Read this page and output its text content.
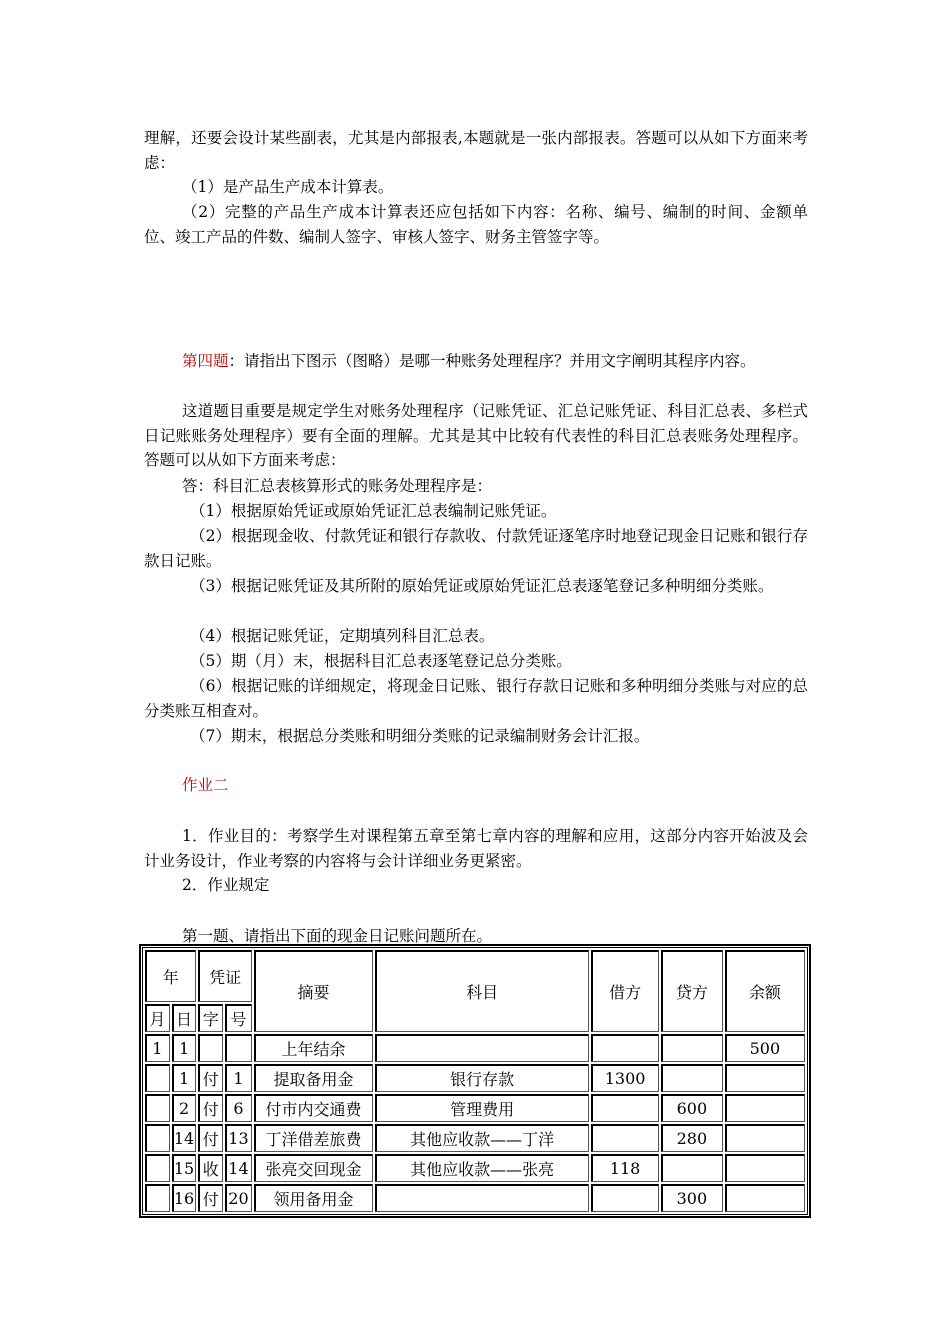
理解，还要会设计某些副表，尤其是内部报表,本题就是一张内部报表。答题可以从如下方面来考虑：

（1）是产品生产成本计算表。

（2）完整的产品生产成本计算表还应包括如下内容：名称、编号、编制的时间、金额单位、竣工产品的件数、编制人签字、审核人签字、财务主管签字等。

第四题：请指出下图示（图略）是哪一种账务处理程序？并用文字阐明其程序内容。

这道题目重要是规定学生对账务处理程序（记账凭证、汇总记账凭证、科目汇总表、多栏式日记账账务处理程序）要有全面的理解。尤其是其中比较有代表性的科目汇总表账务处理程序。答题可以从如下方面来考虑：

答：科目汇总表核算形式的账务处理程序是：

（1）根据原始凭证或原始凭证汇总表编制记账凭证。

（2）根据现金收、付款凭证和银行存款收、付款凭证逐笔序时地登记现金日记账和银行存款日记账。

（3）根据记账凭证及其所附的原始凭证或原始凭证汇总表逐笔登记多种明细分类账。

（4）根据记账凭证，定期填列科目汇总表。

（5）期（月）末，根据科目汇总表逐笔登记总分类账。

（6）根据记账的详细规定，将现金日记账、银行存款日记账和多种明细分类账与对应的总分类账互相查对。

（7）期末，根据总分类账和明细分类账的记录编制财务会计汇报。

作业二

1．作业目的：考察学生对课程第五章至第七章内容的理解和应用，这部分内容开始波及会计业务设计，作业考察的内容将与会计详细业务更紧密。

2．作业规定

第一题、请指出下面的现金日记账问题所在。

年		凭证		摘要	科目	借方	贷方	余额
月	日	字	号					
1	1			上年结余				500
	1	付	1	提取备用金	银行存款	1300		
	2	付	6	付市内交通费	管理费用		600	
	14	付	13	丁洋借差旅费	其他应收款——丁洋		280	
	15	收	14	张亮交回现金	其他应收款——张亮	118		
	16	付	20	领用备用金			300	
